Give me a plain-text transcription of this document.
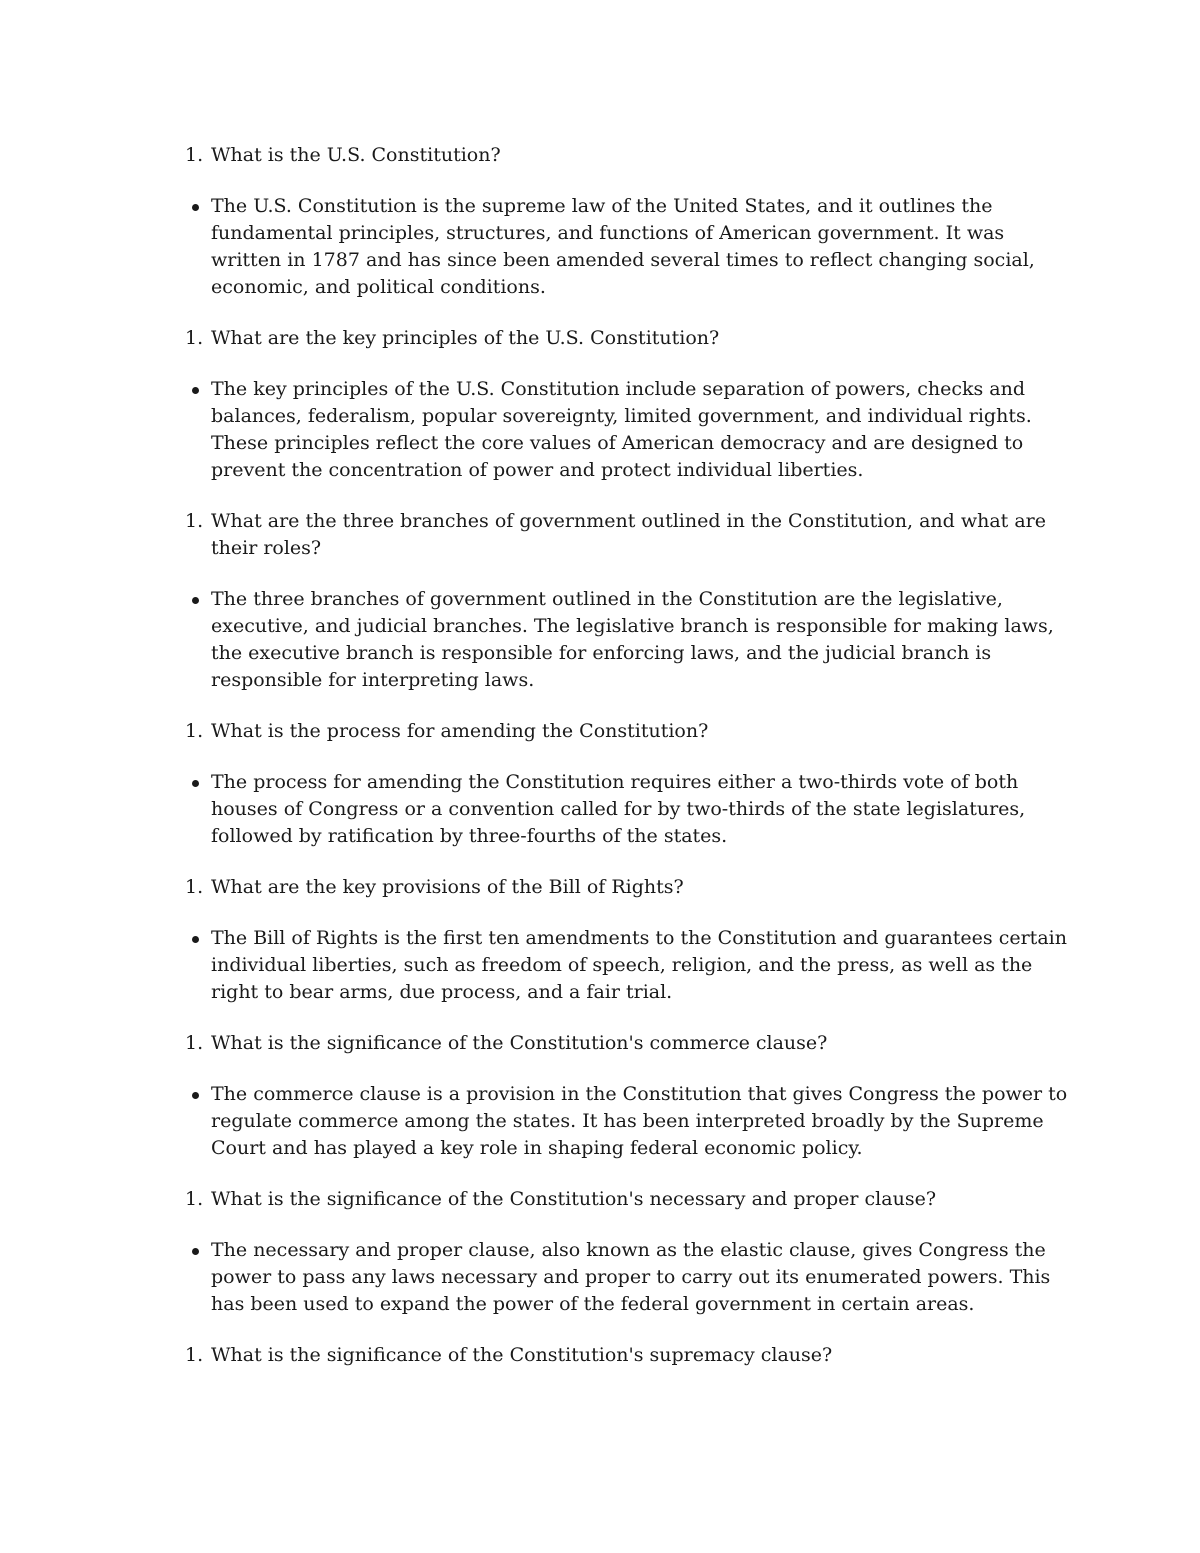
1. What is the U.S. Constitution?
The U.S. Constitution is the supreme law of the United States, and it outlines the fundamental principles, structures, and functions of American government. It was written in 1787 and has since been amended several times to reflect changing social, economic, and political conditions.
1. What are the key principles of the U.S. Constitution?
The key principles of the U.S. Constitution include separation of powers, checks and balances, federalism, popular sovereignty, limited government, and individual rights. These principles reflect the core values of American democracy and are designed to prevent the concentration of power and protect individual liberties.
1. What are the three branches of government outlined in the Constitution, and what are their roles?
The three branches of government outlined in the Constitution are the legislative, executive, and judicial branches. The legislative branch is responsible for making laws, the executive branch is responsible for enforcing laws, and the judicial branch is responsible for interpreting laws.
1. What is the process for amending the Constitution?
The process for amending the Constitution requires either a two-thirds vote of both houses of Congress or a convention called for by two-thirds of the state legislatures, followed by ratification by three-fourths of the states.
1. What are the key provisions of the Bill of Rights?
The Bill of Rights is the first ten amendments to the Constitution and guarantees certain individual liberties, such as freedom of speech, religion, and the press, as well as the right to bear arms, due process, and a fair trial.
1. What is the significance of the Constitution's commerce clause?
The commerce clause is a provision in the Constitution that gives Congress the power to regulate commerce among the states. It has been interpreted broadly by the Supreme Court and has played a key role in shaping federal economic policy.
1. What is the significance of the Constitution's necessary and proper clause?
The necessary and proper clause, also known as the elastic clause, gives Congress the power to pass any laws necessary and proper to carry out its enumerated powers. This has been used to expand the power of the federal government in certain areas.
1. What is the significance of the Constitution's supremacy clause?
